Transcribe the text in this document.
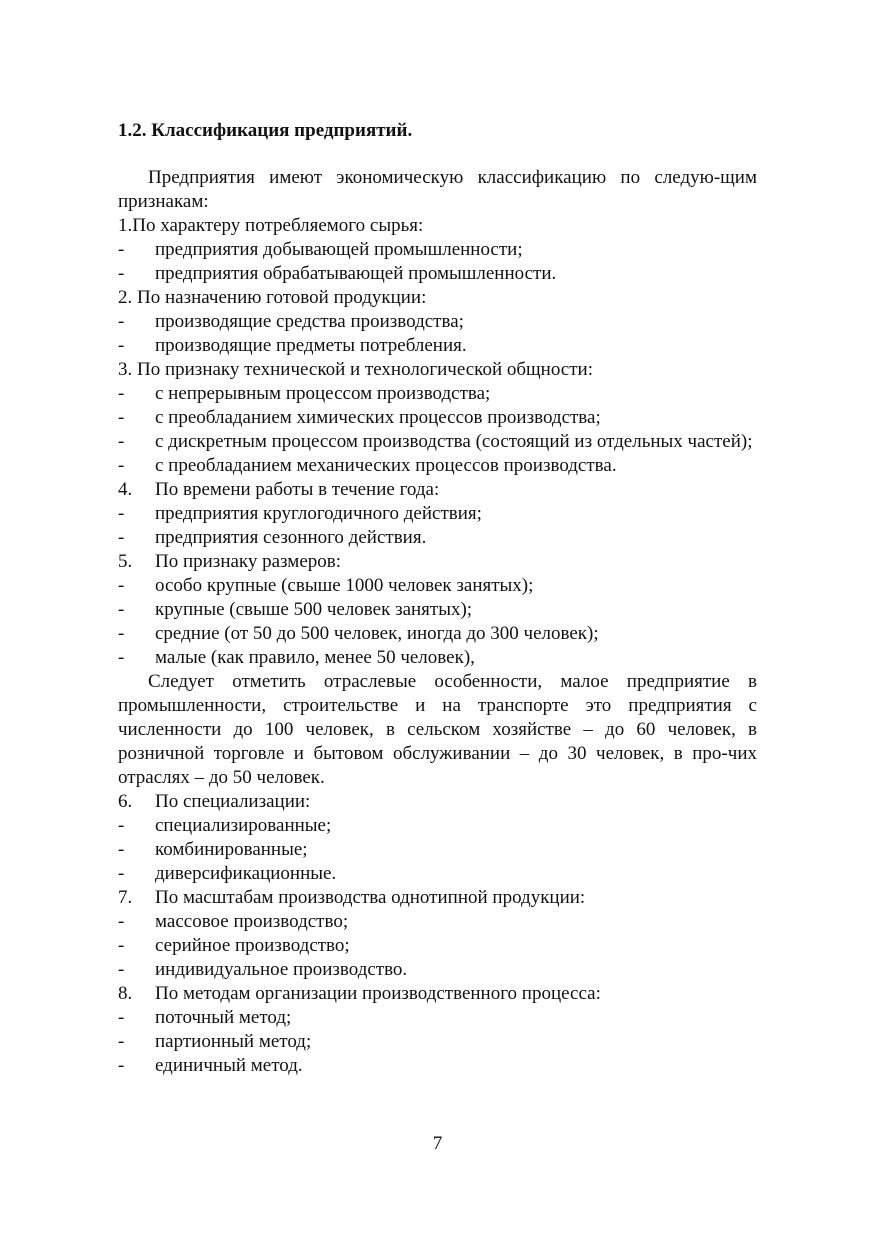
1.2. Классификация предприятий.

Предприятия имеют экономическую классификацию по следую-щим признакам:

1.По характеру потребляемого сырья:

- предприятия добывающей промышленности;

- предприятия обрабатывающей промышленности.

2. По назначению готовой продукции:

- производящие средства производства;

- производящие предметы потребления.

3. По признаку технической и технологической общности:

- с непрерывным процессом производства;

- с преобладанием химических процессов производства;

- с дискретным процессом производства (состоящий из отдельных частей);

- с преобладанием механических процессов производства.

4. По времени работы в течение года:

- предприятия круглогодичного действия;

- предприятия сезонного действия.

5. По признаку размеров:

- особо крупные (свыше 1000 человек занятых);

- крупные (свыше 500 человек занятых);

- средние (от 50 до 500 человек, иногда до 300 человек);

- малые (как правило, менее 50 человек),

Следует отметить отраслевые особенности, малое предприятие в промышленности, строительстве и на транспорте это предприятия с численности до 100 человек, в сельском хозяйстве – до 60 человек, в розничной торговле и бытовом обслуживании – до 30 человек, в про-чих отраслях – до 50 человек.

6. По специализации:

- специализированные;

- комбинированные;

- диверсификационные.

7. По масштабам производства однотипной продукции:

- массовое производство;

- серийное производство;

- индивидуальное производство.

8. По методам организации производственного процесса:

- поточный метод;

- партионный метод;

- единичный метод.

7
